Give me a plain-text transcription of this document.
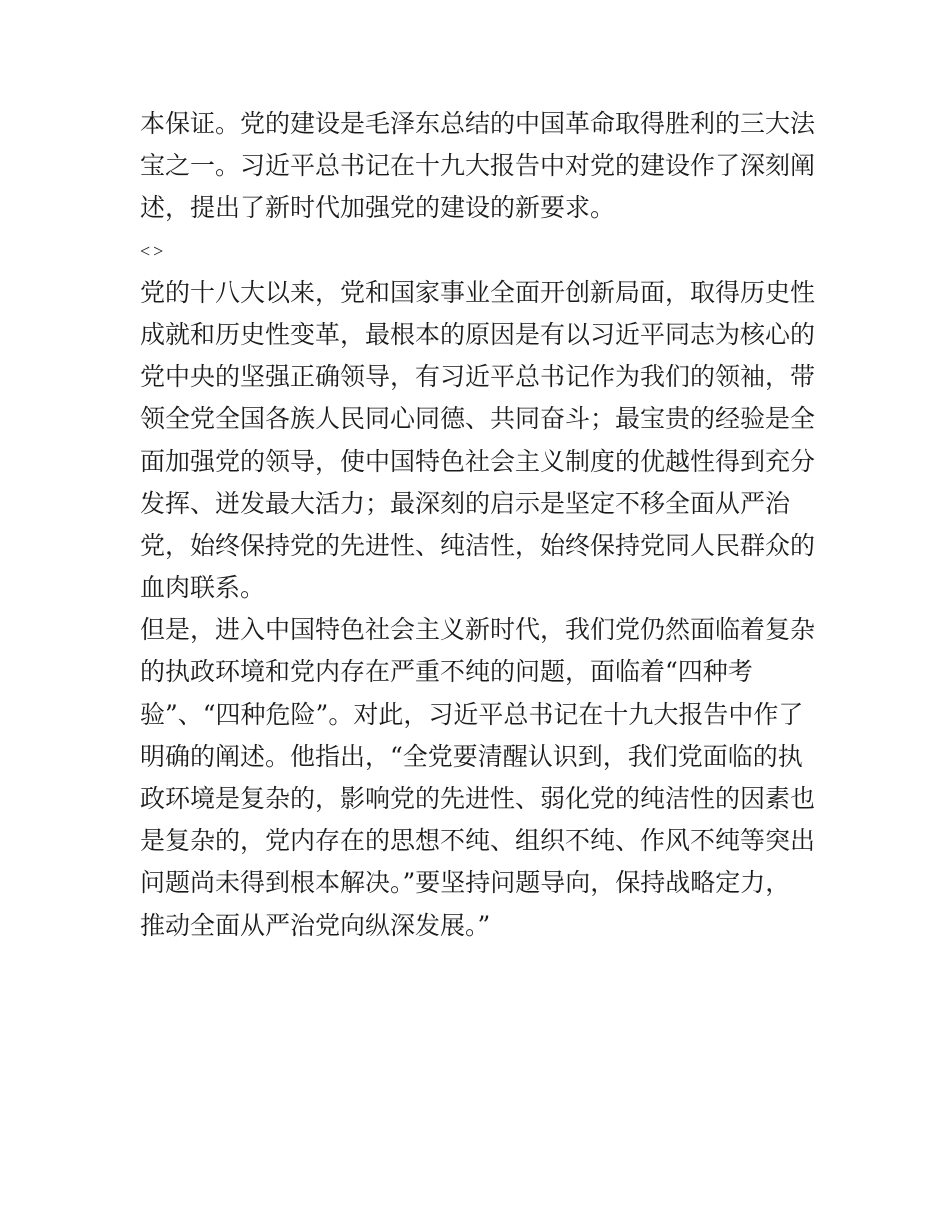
本保证。党的建设是毛泽东总结的中国革命取得胜利的三大法
宝之一。习近平总书记在十九大报告中对党的建设作了深刻阐
述，提出了新时代加强党的建设的新要求。
<>
党的十八大以来，党和国家事业全面开创新局面，取得历史性
成就和历史性变革，最根本的原因是有以习近平同志为核心的
党中央的坚强正确领导，有习近平总书记作为我们的领袖，带
领全党全国各族人民同心同德、共同奋斗；最宝贵的经验是全
面加强党的领导，使中国特色社会主义制度的优越性得到充分
发挥、迸发最大活力；最深刻的启示是坚定不移全面从严治
党，始终保持党的先进性、纯洁性，始终保持党同人民群众的
血肉联系。
但是，进入中国特色社会主义新时代，我们党仍然面临着复杂
的执政环境和党内存在严重不纯的问题，面临着“四种考
验”、“四种危险”。对此，习近平总书记在十九大报告中作了
明确的阐述。他指出，“全党要清醒认识到，我们党面临的执
政环境是复杂的，影响党的先进性、弱化党的纯洁性的因素也
是复杂的，党内存在的思想不纯、组织不纯、作风不纯等突出
问题尚未得到根本解决。”要坚持问题导向，保持战略定力，
推动全面从严治党向纵深发展。”
